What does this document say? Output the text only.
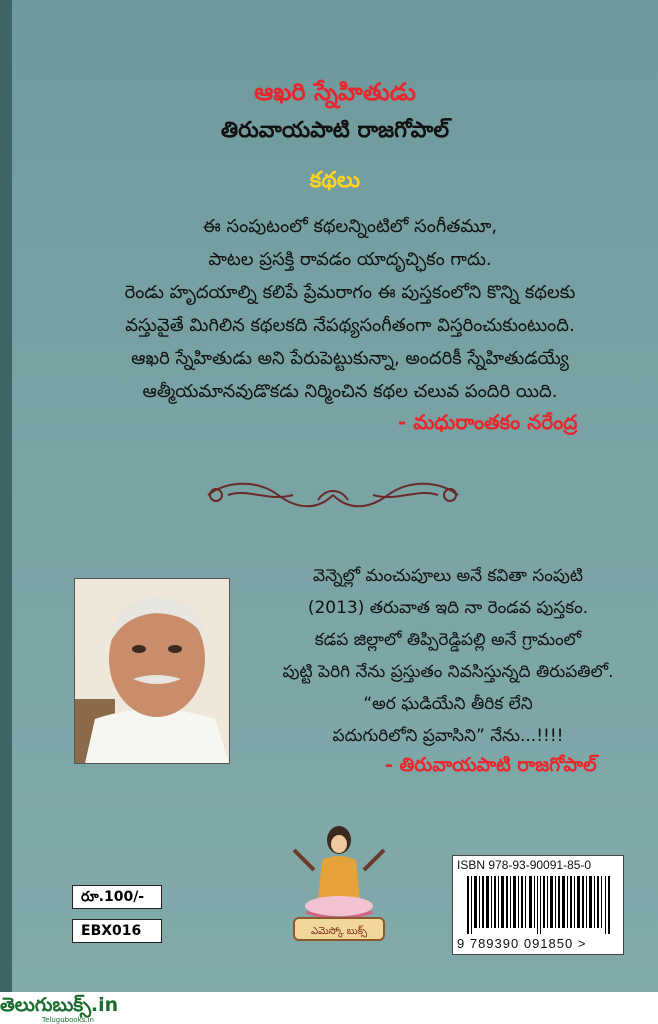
ఆఖరి స్నేహితుడు
తిరువాయపాటి రాజగోపాల్
కథలు
ఈ సంపుటంలో కథలన్నింటిలో సంగీతమూ,
పాటల ప్రసక్తి రావడం యాదృచ్ఛికం గాదు.
రెండు హృదయాల్ని కలిపే ప్రేమరాగం ఈ పుస్తకంలోని కొన్ని కథలకు
వస్తువైతే మిగిలిన కథలకది నేపథ్యసంగీతంగా విస్తరించుకుంటుంది.
ఆఖరి స్నేహితుడు అని పేరుపెట్టుకున్నా, అందరికీ స్నేహితుడయ్యే
ఆత్మీయమానవుడొకడు నిర్మించిన కథల చలువ పందిరి యిది.
- మధురాంతకం నరేంద్ర
వెన్నెల్లో మంచుపూలు అనే కవితా సంపుటి
(2013) తరువాత ఇది నా రెండవ పుస్తకం.
కడప జిల్లాలో తిప్పిరెడ్డిపల్లి అనే గ్రామంలో
పుట్టి పెరిగి నేను ప్రస్తుతం నివసిస్తున్నది తిరుపతిలో.
“అర ఘడియేని తీరిక లేని
పదుగురిలోని ప్రవాసిని” నేను...!!!!
- తిరువాయపాటి రాజగోపాల్
ఎమెస్కో బుక్స్
రూ.100/-
EBX016
ISBN 978-93-90091-85-0
9 789390 091850 >
తెలుగుబుక్స్.in
Telugubooks.in
